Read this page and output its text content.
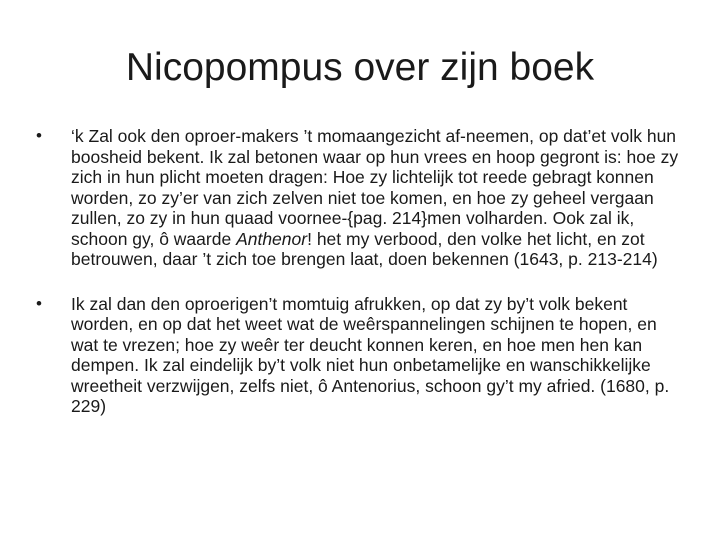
Nicopompus over zijn boek
• ‘k Zal ook den oproer-makers ’t momaangezicht af-neemen, op dat’et volk hun boosheid bekent. Ik zal betonen waar op hun vrees en hoop gegront is: hoe zy zich in hun plicht moeten dragen: Hoe zy lichtelijk tot reede gebragt konnen worden, zo zy’er van zich zelven niet toe komen, en hoe zy geheel vergaan zullen, zo zy in hun quaad voornee-{pag. 214}men volharden. Ook zal ik, schoon gy, ô waarde Anthenor! het my verbood, den volke het licht, en zot betrouwen, daar ’t zich toe brengen laat, doen bekennen (1643, p. 213-214)
• Ik zal dan den oproerigen’t momtuig afrukken, op dat zy by’t volk bekent worden, en op dat het weet wat de weêrspannelingen schijnen te hopen, en wat te vrezen; hoe zy weêr ter deucht konnen keren, en hoe men hen kan dempen. Ik zal eindelijk by’t volk niet hun onbetamelijke en wanschikkelijke wreetheit verzwijgen, zelfs niet, ô Antenorius, schoon gy’t my afried. (1680, p. 229)
